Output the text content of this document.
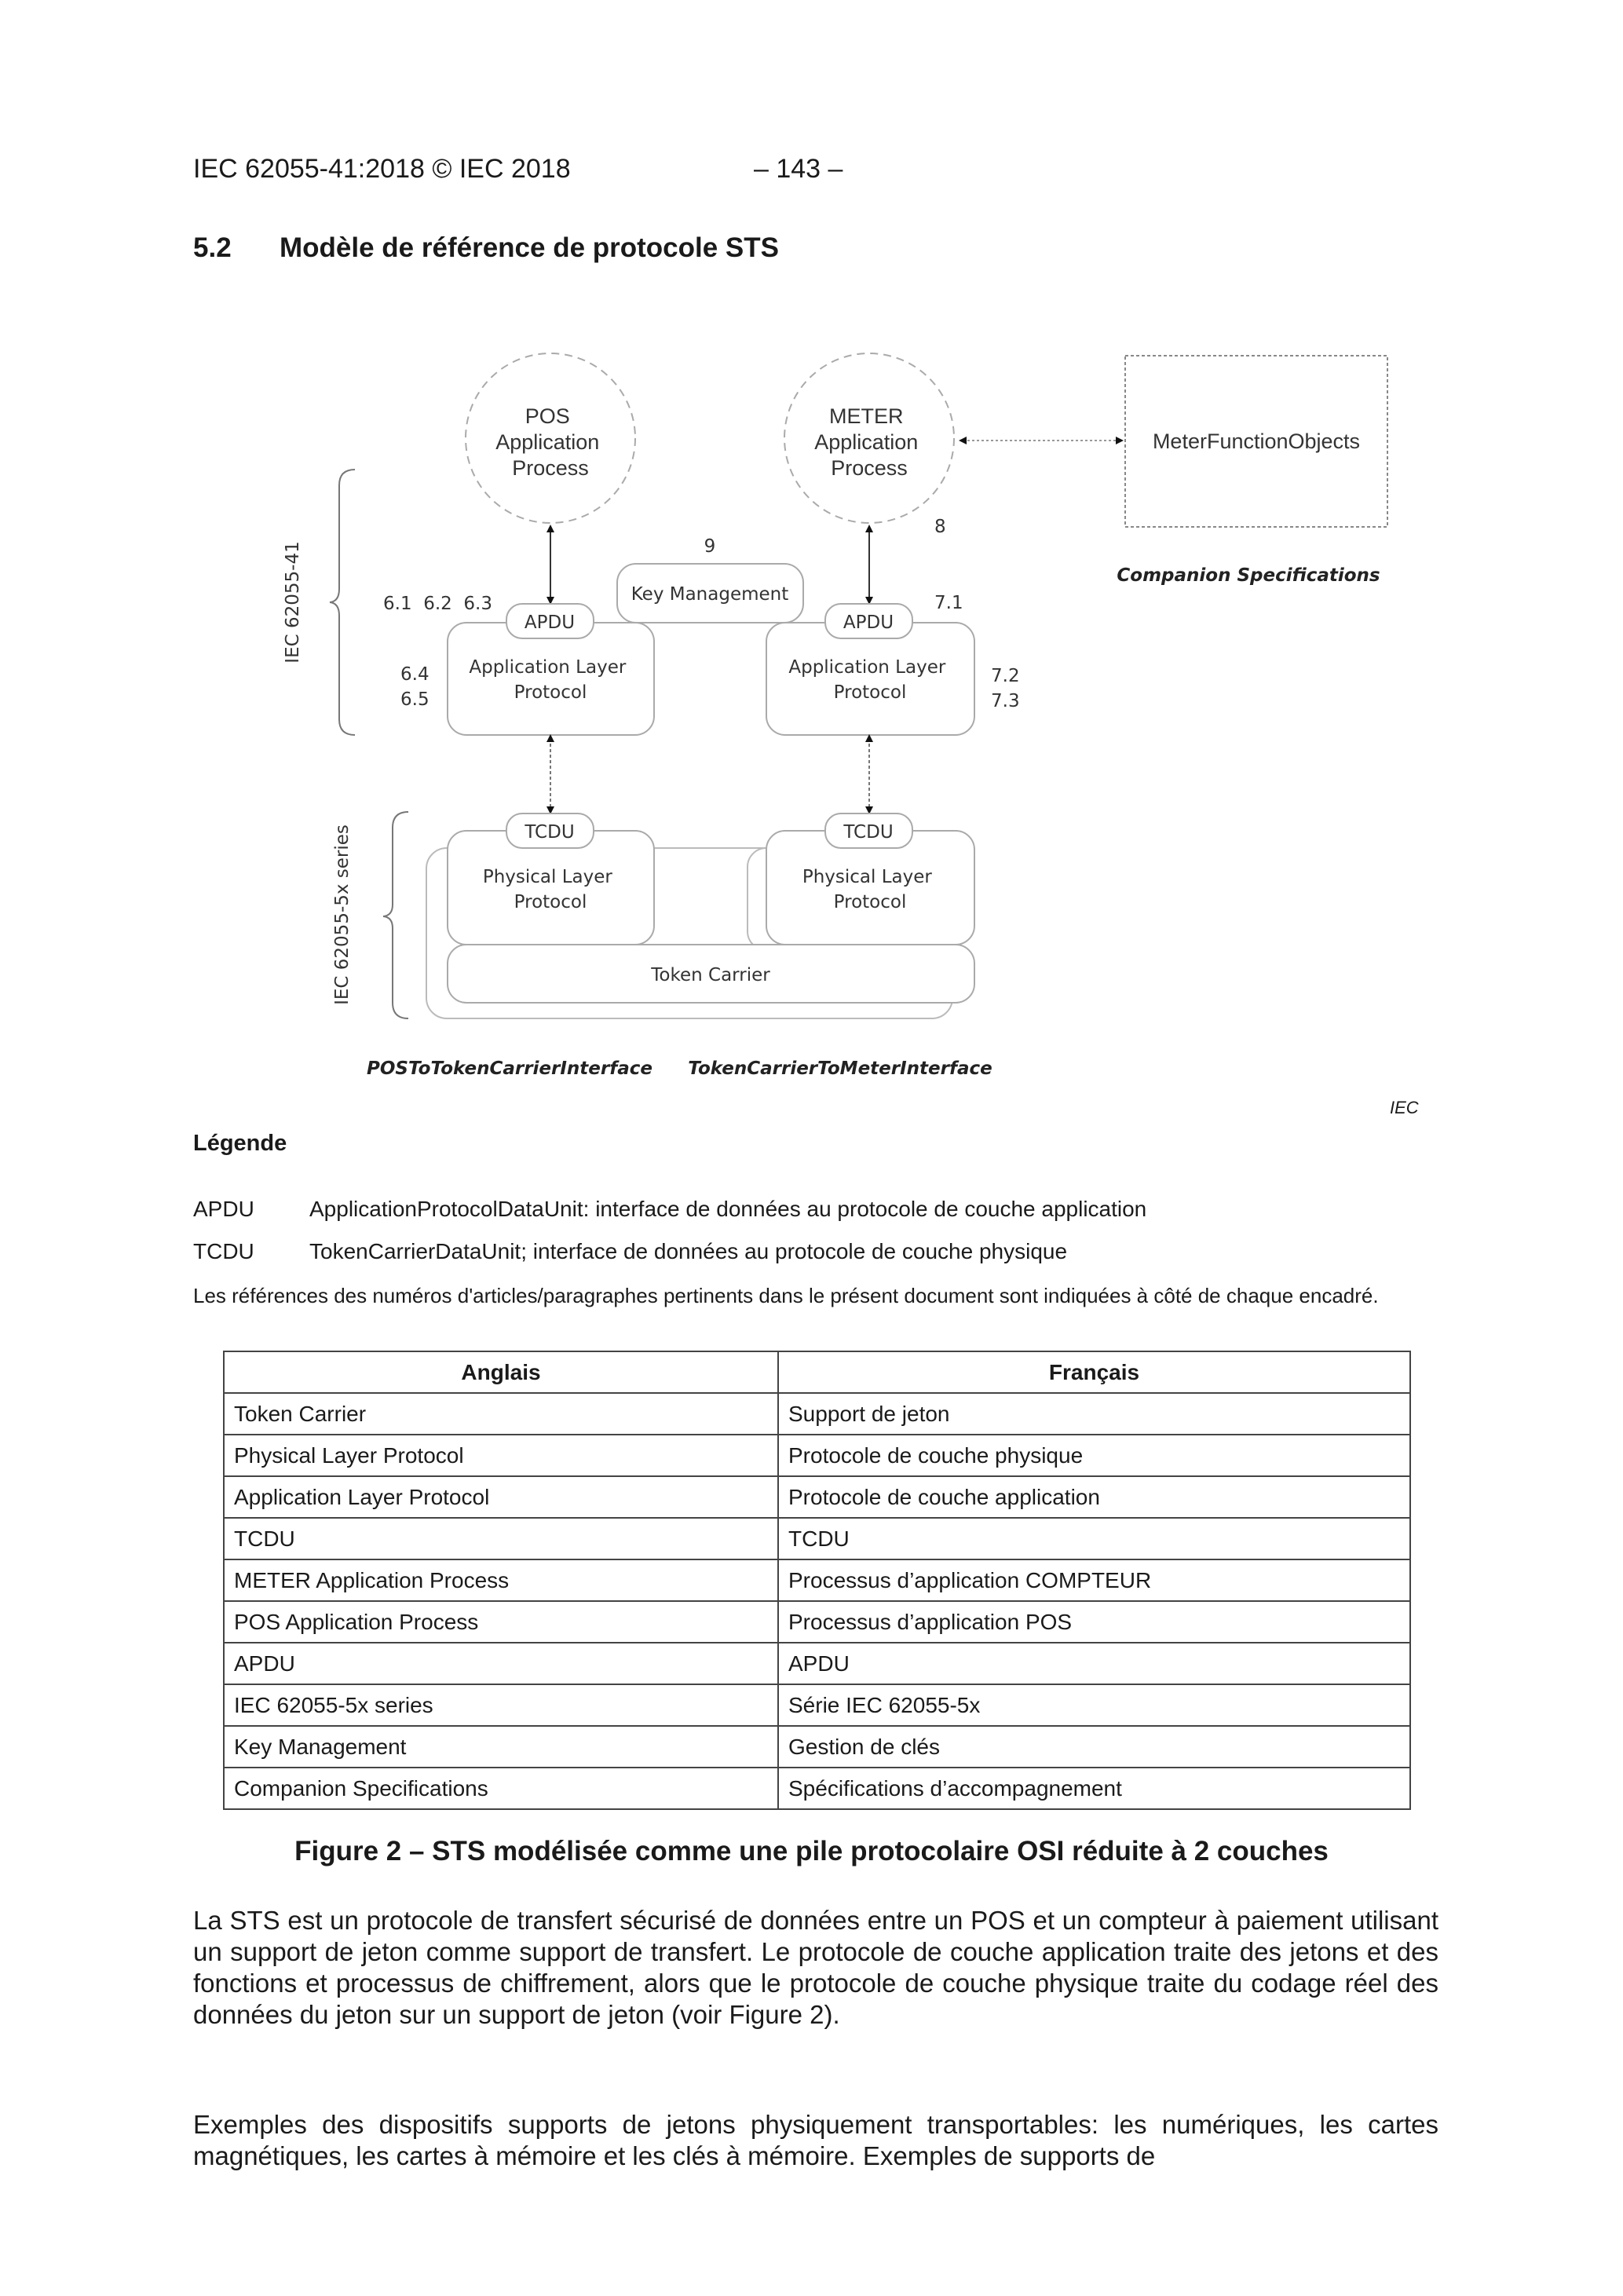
IEC 62055-41:2018 © IEC 2018	– 143 –
5.2 Modèle de référence de protocole STS
POS Application Process
METER Application Process
MeterFunctionObjects
Companion Specifications
Key Management
9
APDU	APDU
Application Layer Protocol
Application Layer Protocol
6.1  6.2  6.3
6.4
6.5
8
7.1
7.2
7.3
Token Carrier
TCDU	TCDU
Physical Layer Protocol
Physical Layer Protocol
IEC 62055-41
IEC 62055-5x series
POSToTokenCarrierInterface TokenCarrierToMeterInterface
IEC
Légende
APDU	ApplicationProtocolDataUnit: interface de données au protocole de couche application
TCDU	TokenCarrierDataUnit; interface de données au protocole de couche physique
Les références des numéros d'articles/paragraphes pertinents dans le présent document sont indiquées à côté de chaque encadré.
Anglais	Français
Token Carrier	Support de jeton
Physical Layer Protocol	Protocole de couche physique
Application Layer Protocol	Protocole de couche application
TCDU	TCDU
METER Application Process	Processus d’application COMPTEUR
POS Application Process	Processus d’application POS
APDU	APDU
IEC 62055-5x series	Série IEC 62055-5x
Key Management	Gestion de clés
Companion Specifications	Spécifications d’accompagnement
Figure 2 – STS modélisée comme une pile protocolaire OSI réduite à 2 couches
La STS est un protocole de transfert sécurisé de données entre un POS et un compteur à paiement utilisant un support de jeton comme support de transfert. Le protocole de couche application traite des jetons et des fonctions et processus de chiffrement, alors que le protocole de couche physique traite du codage réel des données du jeton sur un support de jeton (voir Figure 2).
Exemples des dispositifs supports de jetons physiquement transportables: les numériques, les cartes magnétiques, les cartes à mémoire et les clés à mémoire. Exemples de supports de
